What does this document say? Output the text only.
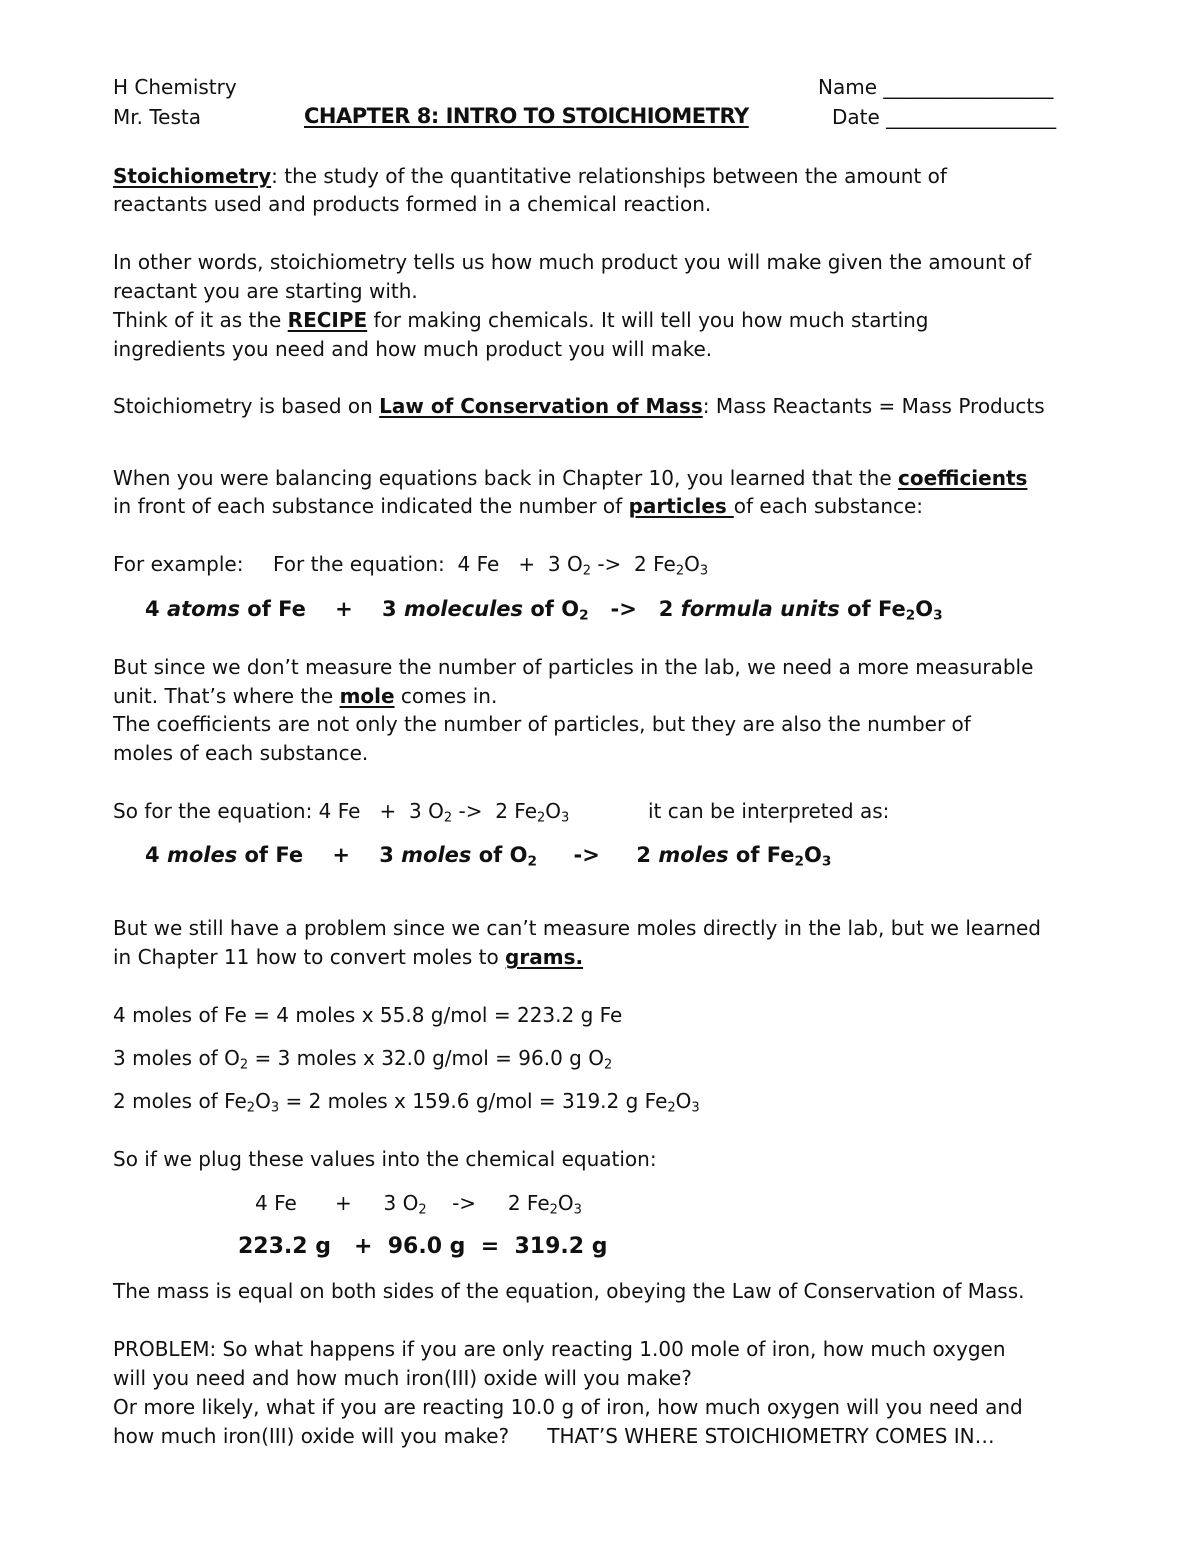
H Chemistry
Mr. Testa	CHAPTER 8: INTRO TO STOICHIOMETRY
Name _________________
Date _________________
Stoichiometry: the study of the quantitative relationships between the amount of
reactants used and products formed in a chemical reaction.
In other words, stoichiometry tells us how much product you will make given the amount of
reactant you are starting with.
Think of it as the RECIPE for making chemicals. It will tell you how much starting
ingredients you need and how much product you will make.
Stoichiometry is based on Law of Conservation of Mass: Mass Reactants = Mass Products
When you were balancing equations back in Chapter 10, you learned that the coefficients
in front of each substance indicated the number of particles of each substance:
For example: For the equation: 4 Fe + 3 $O_2 -> 2$ $Fe_2O_3$
4 atoms of Fe + 3 molecules of $O_2 -> 2$ formula units of $Fe_2O_3$
But since we don’t measure the number of particles in the lab, we need a more measurable
unit. That’s where the mole comes in.
The coefficients are not only the number of particles, but they are also the number of
moles of each substance.
So for the equation: 4 Fe + 3 $O_2 -> 2$ $Fe_2O_3$	it can be interpreted as:
4 moles of Fe + 3 moles of $O_2 -> 2$ moles of $Fe_2O_3$
But we still have a problem since we can’t measure moles directly in the lab, but we learned
in Chapter 11 how to convert moles to grams.
4 moles of Fe = 4 moles x 55.8 g/mol = 223.2 g Fe
3 moles of $O_2 = 3$ moles x 32.0 g/mol = 96.0 g $O_2$
2 moles of $Fe_2O_3 = 2$ moles x 159.6 g/mol = 319.2 g $Fe_2O_3$
So if we plug these values into the chemical equation:
4 Fe + 3 $O_2 -> 2$ $Fe_2O_3$
223.2 g   +  96.0 g  =  319.2 g
The mass is equal on both sides of the equation, obeying the Law of Conservation of Mass.
PROBLEM: So what happens if you are only reacting 1.00 mole of iron, how much oxygen
will you need and how much iron(III) oxide will you make?
Or more likely, what if you are reacting 10.0 g of iron, how much oxygen will you need and
how much iron(III) oxide will you make?      THAT’S WHERE STOICHIOMETRY COMES IN…
